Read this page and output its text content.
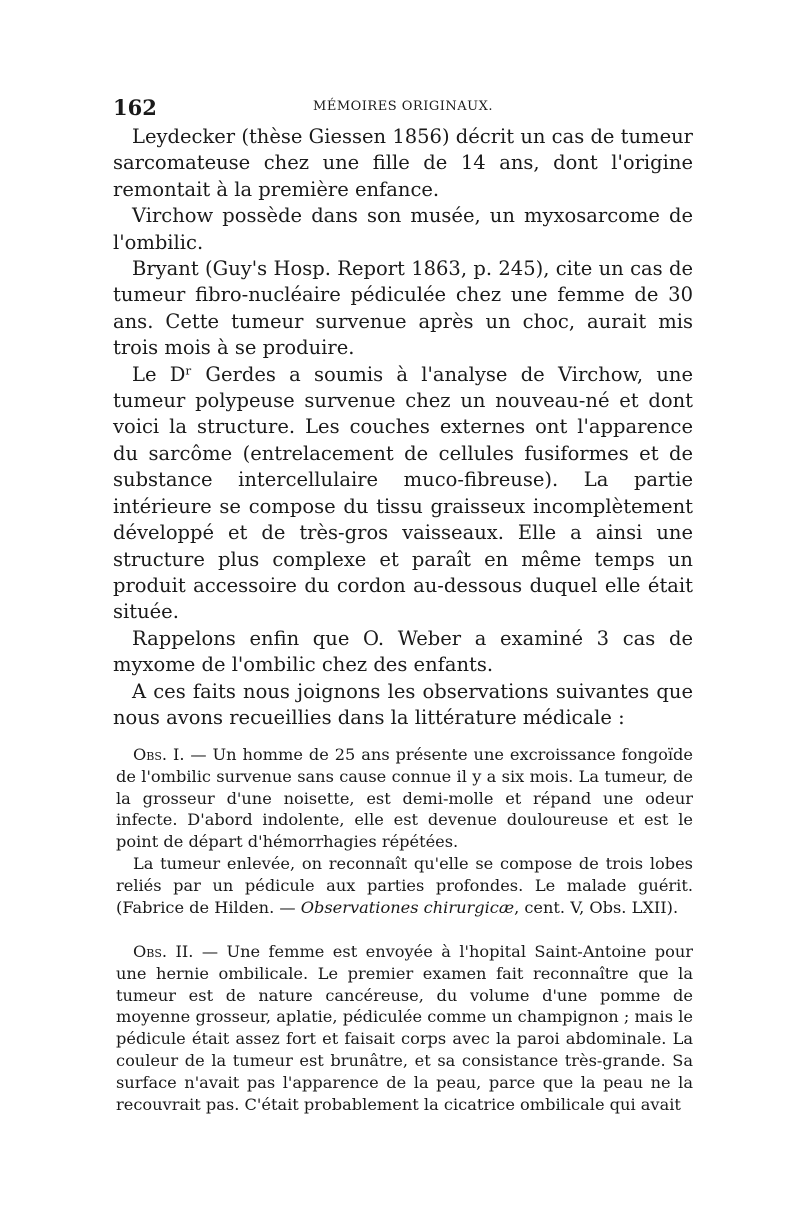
162	MÉMOIRES ORIGINAUX.

Leydecker (thèse Giessen 1856) décrit un cas de tumeur sarcomateuse chez une fille de 14 ans, dont l'origine remontait à la première enfance.

Virchow possède dans son musée, un myxosarcome de l'ombilic.

Bryant (Guy's Hosp. Report 1863, p. 245), cite un cas de tumeur fibro-nucléaire pédiculée chez une femme de 30 ans. Cette tumeur survenue après un choc, aurait mis trois mois à se produire.

Le Dʳ Gerdes a soumis à l'analyse de Virchow, une tumeur polypeuse survenue chez un nouveau-né et dont voici la structure. Les couches externes ont l'apparence du sarcôme (entrelacement de cellules fusiformes et de substance intercellulaire muco-fibreuse). La partie intérieure se compose du tissu graisseux incomplètement développé et de très-gros vaisseaux. Elle a ainsi une structure plus complexe et paraît en même temps un produit accessoire du cordon au-dessous duquel elle était située.

Rappelons enfin que O. Weber a examiné 3 cas de myxome de l'ombilic chez des enfants.

A ces faits nous joignons les observations suivantes que nous avons recueillies dans la littérature médicale :

Obs. I. — Un homme de 25 ans présente une excroissance fongoïde de l'ombilic survenue sans cause connue il y a six mois. La tumeur, de la grosseur d'une noisette, est demi-molle et répand une odeur infecte. D'abord indolente, elle est devenue douloureuse et est le point de départ d'hémorrhagies répétées.

La tumeur enlevée, on reconnaît qu'elle se compose de trois lobes reliés par un pédicule aux parties profondes. Le malade guérit. (Fabrice de Hilden. — Observationes chirurgicæ, cent. V, Obs. LXII).

Obs. II. — Une femme est envoyée à l'hopital Saint-Antoine pour une hernie ombilicale. Le premier examen fait reconnaître que la tumeur est de nature cancéreuse, du volume d'une pomme de moyenne grosseur, aplatie, pédiculée comme un champignon ; mais le pédicule était assez fort et faisait corps avec la paroi abdominale. La couleur de la tumeur est brunâtre, et sa consistance très-grande. Sa surface n'avait pas l'apparence de la peau, parce que la peau ne la recouvrait pas. C'était probablement la cicatrice ombilicale qui avait
